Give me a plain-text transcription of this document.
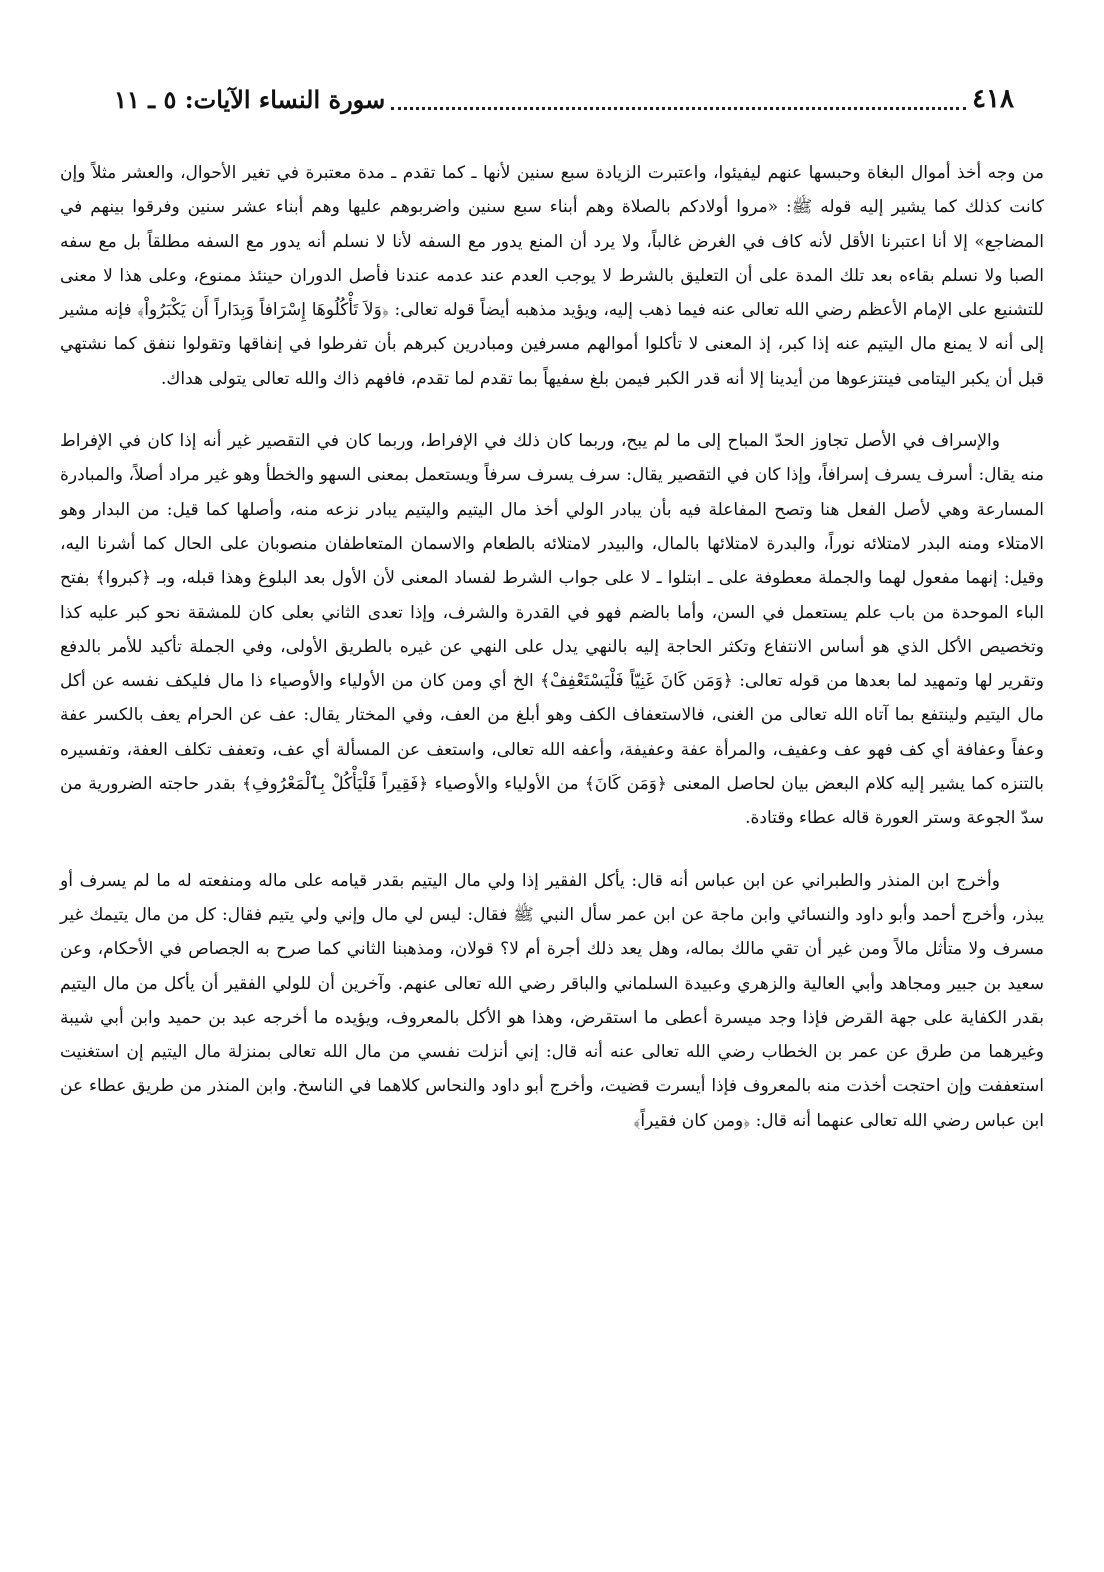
٤١٨
سورة النساء الآيات: ٥ ـ ١١

من وجه أخذ أموال البغاة وحبسها عنهم ليفيئوا، واعتبرت الزيادة سبع سنين لأنها ـ كما تقدم ـ مدة معتبرة في تغير الأحوال، والعشر مثلاً وإن كانت كذلك كما يشير إليه قوله ﷺ: «مروا أولادكم بالصلاة وهم أبناء سبع سنين واضربوهم عليها وهم أبناء عشر سنين وفرقوا بينهم في المضاجع» إلا أنا اعتبرنا الأقل لأنه كاف في الغرض غالباً، ولا يرد أن المنع يدور مع السفه لأنا لا نسلم أنه يدور مع السفه مطلقاً بل مع سفه الصبا ولا نسلم بقاءه بعد تلك المدة على أن التعليق بالشرط لا يوجب العدم عند عدمه عندنا فأصل الدوران حينئذ ممنوع، وعلى هذا لا معنى للتشنيع على الإمام الأعظم رضي الله تعالى عنه فيما ذهب إليه، ويؤيد مذهبه أيضاً قوله تعالى: ﴿وَلاَ تَأْكُلُوهَا إِسْرَافاً وَبِدَاراً أَن يَكْبَرُواْ﴾ فإنه مشير إلى أنه لا يمنع مال اليتيم عنه إذا كبر، إذ المعنى لا تأكلوا أموالهم مسرفين ومبادرين كبرهم بأن تفرطوا في إنفاقها وتقولوا ننفق كما نشتهي قبل أن يكبر اليتامى فينتزعوها من أيدينا إلا أنه قدر الكبر فيمن بلغ سفيهاً بما تقدم لما تقدم، فافهم ذاك والله تعالى يتولى هداك.

والإسراف في الأصل تجاوز الحدّ المباح إلى ما لم يبح، وربما كان ذلك في الإفراط، وربما كان في التقصير غير أنه إذا كان في الإفراط منه يقال: أسرف يسرف إسرافاً، وإذا كان في التقصير يقال: سرف يسرف سرفاً ويستعمل بمعنى السهو والخطأ وهو غير مراد أصلاً، والمبادرة المسارعة وهي لأصل الفعل هنا وتصح المفاعلة فيه بأن يبادر الولي أخذ مال اليتيم واليتيم يبادر نزعه منه، وأصلها كما قيل: من البدار وهو الامتلاء ومنه البدر لامتلائه نوراً، والبدرة لامتلائها بالمال، والبيدر لامتلائه بالطعام والاسمان المتعاطفان منصوبان على الحال كما أشرنا اليه، وقيل: إنهما مفعول لهما والجملة معطوفة على ـ ابتلوا ـ لا على جواب الشرط لفساد المعنى لأن الأول بعد البلوغ وهذا قبله، وبـ ﴿كبروا﴾ بفتح الباء الموحدة من باب علم يستعمل في السن، وأما بالضم فهو في القدرة والشرف، وإذا تعدى الثاني بعلى كان للمشقة نحو كبر عليه كذا وتخصيص الأكل الذي هو أساس الانتفاع وتكثر الحاجة إليه بالنهي يدل على النهي عن غيره بالطريق الأولى، وفي الجملة تأكيد للأمر بالدفع وتقرير لها وتمهيد لما بعدها من قوله تعالى: ﴿وَمَن كَانَ غَنِيّاً فَلْيَسْتَعْفِفْ﴾ الخ أي ومن كان من الأولياء والأوصياء ذا مال فليكف نفسه عن أكل مال اليتيم ولينتفع بما آتاه الله تعالى من الغنى، فالاستعفاف الكف وهو أبلغ من العف، وفي المختار يقال: عف عن الحرام يعف بالكسر عفة وعفاً وعفافة أي كف فهو عف وعفيف، والمرأة عفة وعفيفة، وأعفه الله تعالى، واستعف عن المسألة أي عف، وتعفف تكلف العفة، وتفسيره بالتنزه كما يشير إليه كلام البعض بيان لحاصل المعنى ﴿وَمَن كَانَ﴾ من الأولياء والأوصياء ﴿فَقِيراً فَلْيَأْكُلْ بِٱلْمَعْرُوفِ﴾ بقدر حاجته الضرورية من سدّ الجوعة وستر العورة قاله عطاء وقتادة.

وأخرج ابن المنذر والطبراني عن ابن عباس أنه قال: يأكل الفقير إذا ولي مال اليتيم بقدر قيامه على ماله ومنفعته له ما لم يسرف أو يبذر، وأخرج أحمد وأبو داود والنسائي وابن ماجة عن ابن عمر سأل النبي ﷺ فقال: ليس لي مال وإني ولي يتيم فقال: كل من مال يتيمك غير مسرف ولا متأثل مالاً ومن غير أن تقي مالك بماله، وهل يعد ذلك أجرة أم لا؟ قولان، ومذهبنا الثاني كما صرح به الجصاص في الأحكام، وعن سعيد بن جبير ومجاهد وأبي العالية والزهري وعبيدة السلماني والباقر رضي الله تعالى عنهم. وآخرين أن للولي الفقير أن يأكل من مال اليتيم بقدر الكفاية على جهة القرض فإذا وجد ميسرة أعطى ما استقرض، وهذا هو الأكل بالمعروف، ويؤيده ما أخرجه عبد بن حميد وابن أبي شيبة وغيرهما من طرق عن عمر بن الخطاب رضي الله تعالى عنه أنه قال: إني أنزلت نفسي من مال الله تعالى بمنزلة مال اليتيم إن استغنيت استعففت وإن احتجت أخذت منه بالمعروف فإذا أيسرت قضيت، وأخرج أبو داود والنحاس كلاهما في الناسخ. وابن المنذر من طريق عطاء عن ابن عباس رضي الله تعالى عنهما أنه قال: ﴿ومن كان فقيراً﴾
